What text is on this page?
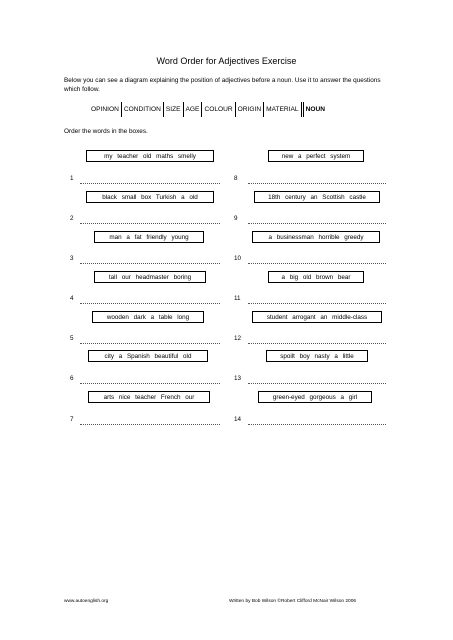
Word Order for Adjectives Exercise
Below you can see a diagram explaining the position of adjectives before a noun. Use it to answer the questions which follow.
OPINION CONDITION SIZE AGE COLOUR ORIGIN MATERIAL	NOUN
Order the words in the boxes.
my teacher old maths smelly
black small box Turkish a old
man a fat friendly young
tall our headmaster boring
wooden dark a table long
city a Spanish beautiful old
arts nice teacher French our
new a perfect system
18th century an Scottish castle
a businessman horrible greedy
a big old brown bear
student arrogant an middle-class
spoilt boy nasty a little
green-eyed gorgeous a girl
1
2
3
4
5
6
7
8
9
10
11
12
13
14
www.autoenglish.org	Written by Bob Wilson ©Robert Clifford McNair Wilson 2006
